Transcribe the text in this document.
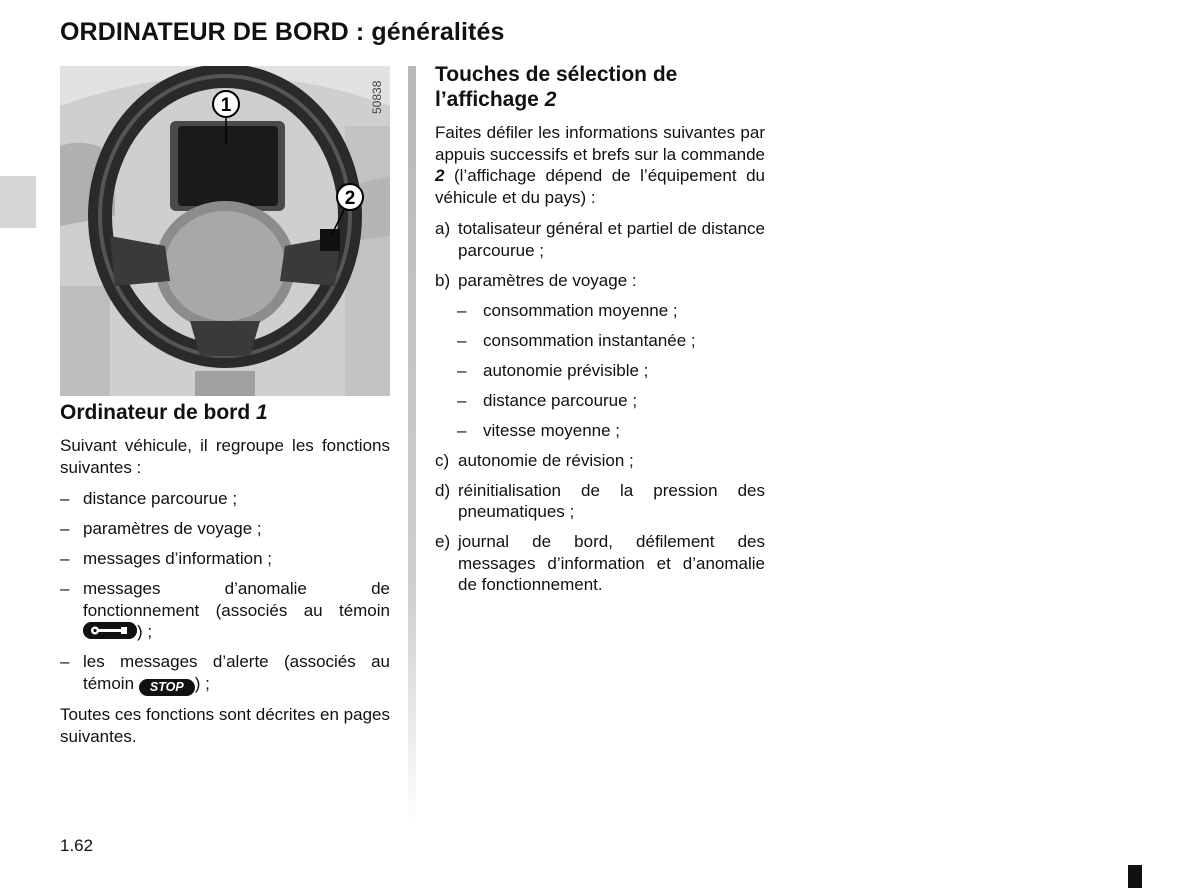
ORDINATEUR DE BORD : généralités
1
2
50838
Ordinateur de bord 1

Suivant véhicule, il regroupe les fonctions suivantes :

– distance parcourue ;
– paramètres de voyage ;
– messages d’information ;
– messages d’anomalie de fonctionnement (associés au témoin ) ;
– les messages d’alerte (associés au témoin STOP ) ;

Toutes ces fonctions sont décrites en pages suivantes.

Touches de sélection de l’affichage 2

Faites défiler les informations suivantes par appuis successifs et brefs sur la commande 2 (l’affichage dépend de l’équipement du véhicule et du pays) :

a) totalisateur général et partiel de distance parcourue ;
b) paramètres de voyage :
– consommation moyenne ;
– consommation instantanée ;
– autonomie prévisible ;
– distance parcourue ;
– vitesse moyenne ;
c) autonomie de révision ;
d) réinitialisation de la pression des pneumatiques ;
e) journal de bord, défilement des messages d’information et d’anomalie de fonctionnement.
1.62
